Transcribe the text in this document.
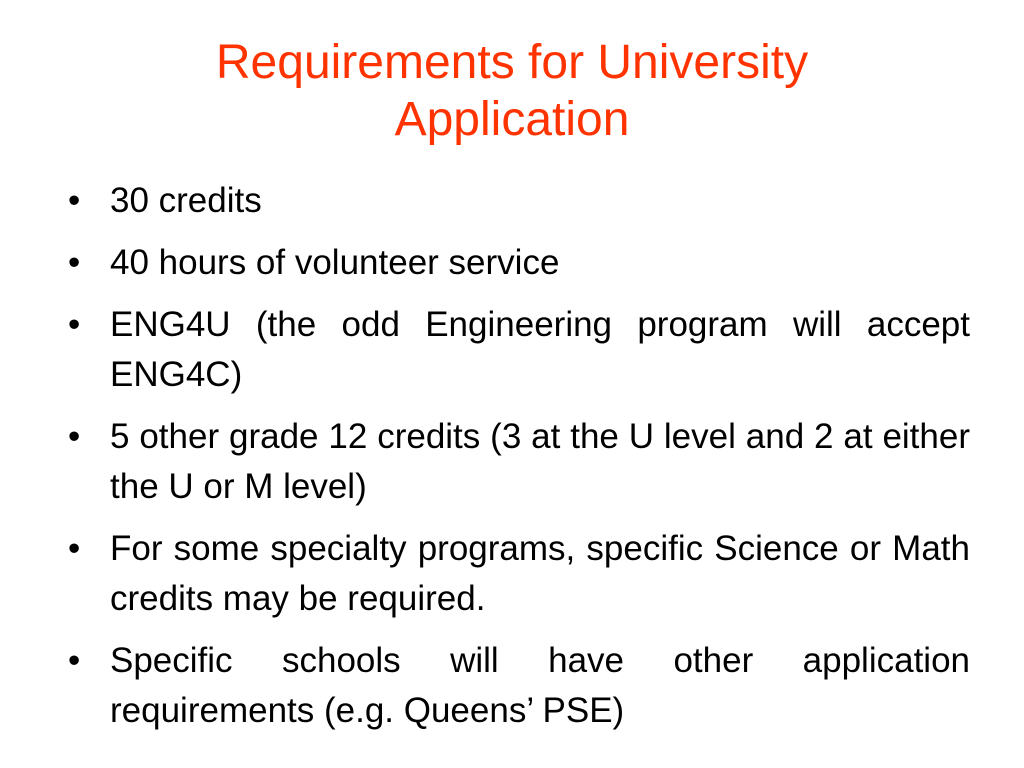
Requirements for University
Application
• 30 credits
• 40 hours of volunteer service
• ENG4U (the odd Engineering program will accept ENG4C)
• 5 other grade 12 credits (3 at the U level and 2 at either the U or M level)
• For some specialty programs, specific Science or Math credits may be required.
• Specific schools will have other application requirements (e.g. Queens’ PSE)
